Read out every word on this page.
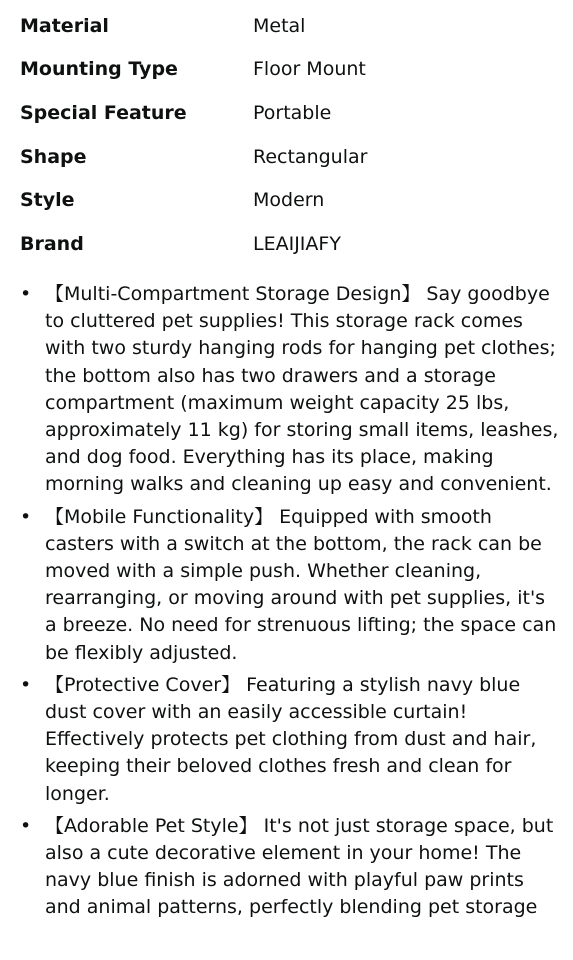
Material	Metal
Mounting Type	Floor Mount
Special Feature	Portable
Shape	Rectangular
Style	Modern
Brand	LEAIJIAFY
• 【Multi-Compartment Storage Design】 Say goodbye to cluttered pet supplies! This storage rack comes with two sturdy hanging rods for hanging pet clothes; the bottom also has two drawers and a storage compartment (maximum weight capacity 25 lbs, approximately 11 kg) for storing small items, leashes, and dog food. Everything has its place, making morning walks and cleaning up easy and convenient.
• 【Mobile Functionality】 Equipped with smooth casters with a switch at the bottom, the rack can be moved with a simple push. Whether cleaning, rearranging, or moving around with pet supplies, it's a breeze. No need for strenuous lifting; the space can be flexibly adjusted.
• 【Protective Cover】 Featuring a stylish navy blue dust cover with an easily accessible curtain! Effectively protects pet clothing from dust and hair, keeping their beloved clothes fresh and clean for longer.
• 【Adorable Pet Style】 It's not just storage space, but also a cute decorative element in your home! The navy blue finish is adorned with playful paw prints and animal patterns, perfectly blending pet storage
